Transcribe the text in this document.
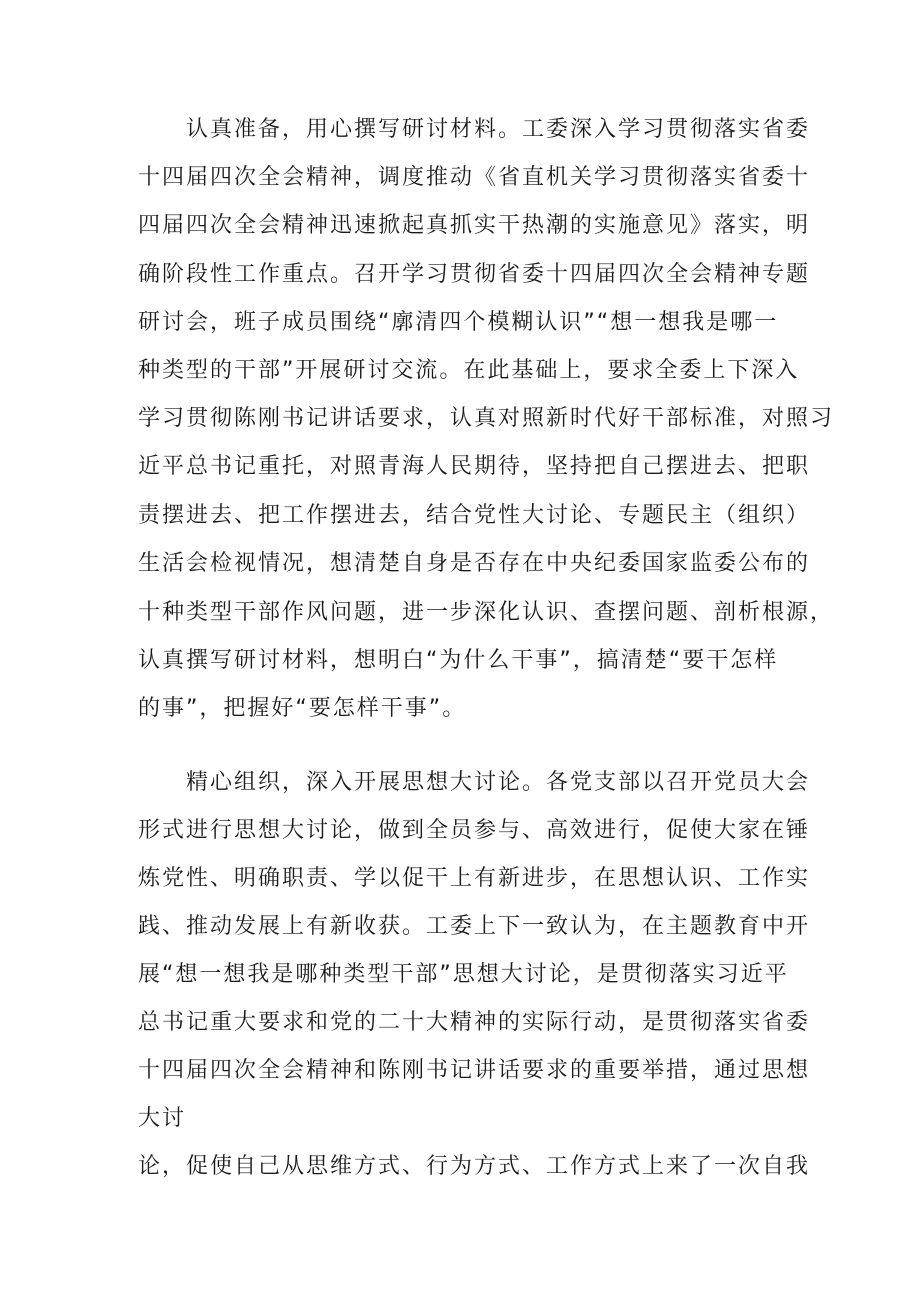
　　认真准备，用心撰写研讨材料。工委深入学习贯彻落实省委
十四届四次全会精神，调度推动《省直机关学习贯彻落实省委十
四届四次全会精神迅速掀起真抓实干热潮的实施意见》落实，明
确阶段性工作重点。召开学习贯彻省委十四届四次全会精神专题
研讨会，班子成员围绕“廓清四个模糊认识”“想一想我是哪一
种类型的干部”开展研讨交流。在此基础上，要求全委上下深入
学习贯彻陈刚书记讲话要求，认真对照新时代好干部标准，对照习
近平总书记重托，对照青海人民期待，坚持把自己摆进去、把职
责摆进去、把工作摆进去，结合党性大讨论、专题民主（组织）
生活会检视情况，想清楚自身是否存在中央纪委国家监委公布的
十种类型干部作风问题，进一步深化认识、查摆问题、剖析根源，
认真撰写研讨材料，想明白“为什么干事”，搞清楚“要干怎样
的事”，把握好“要怎样干事”。
　　精心组织，深入开展思想大讨论。各党支部以召开党员大会
形式进行思想大讨论，做到全员参与、高效进行，促使大家在锤
炼党性、明确职责、学以促干上有新进步，在思想认识、工作实
践、推动发展上有新收获。工委上下一致认为，在主题教育中开
展“想一想我是哪种类型干部”思想大讨论，是贯彻落实习近平
总书记重大要求和党的二十大精神的实际行动，是贯彻落实省委
十四届四次全会精神和陈刚书记讲话要求的重要举措，通过思想
大讨
论，促使自己从思维方式、行为方式、工作方式上来了一次自我
